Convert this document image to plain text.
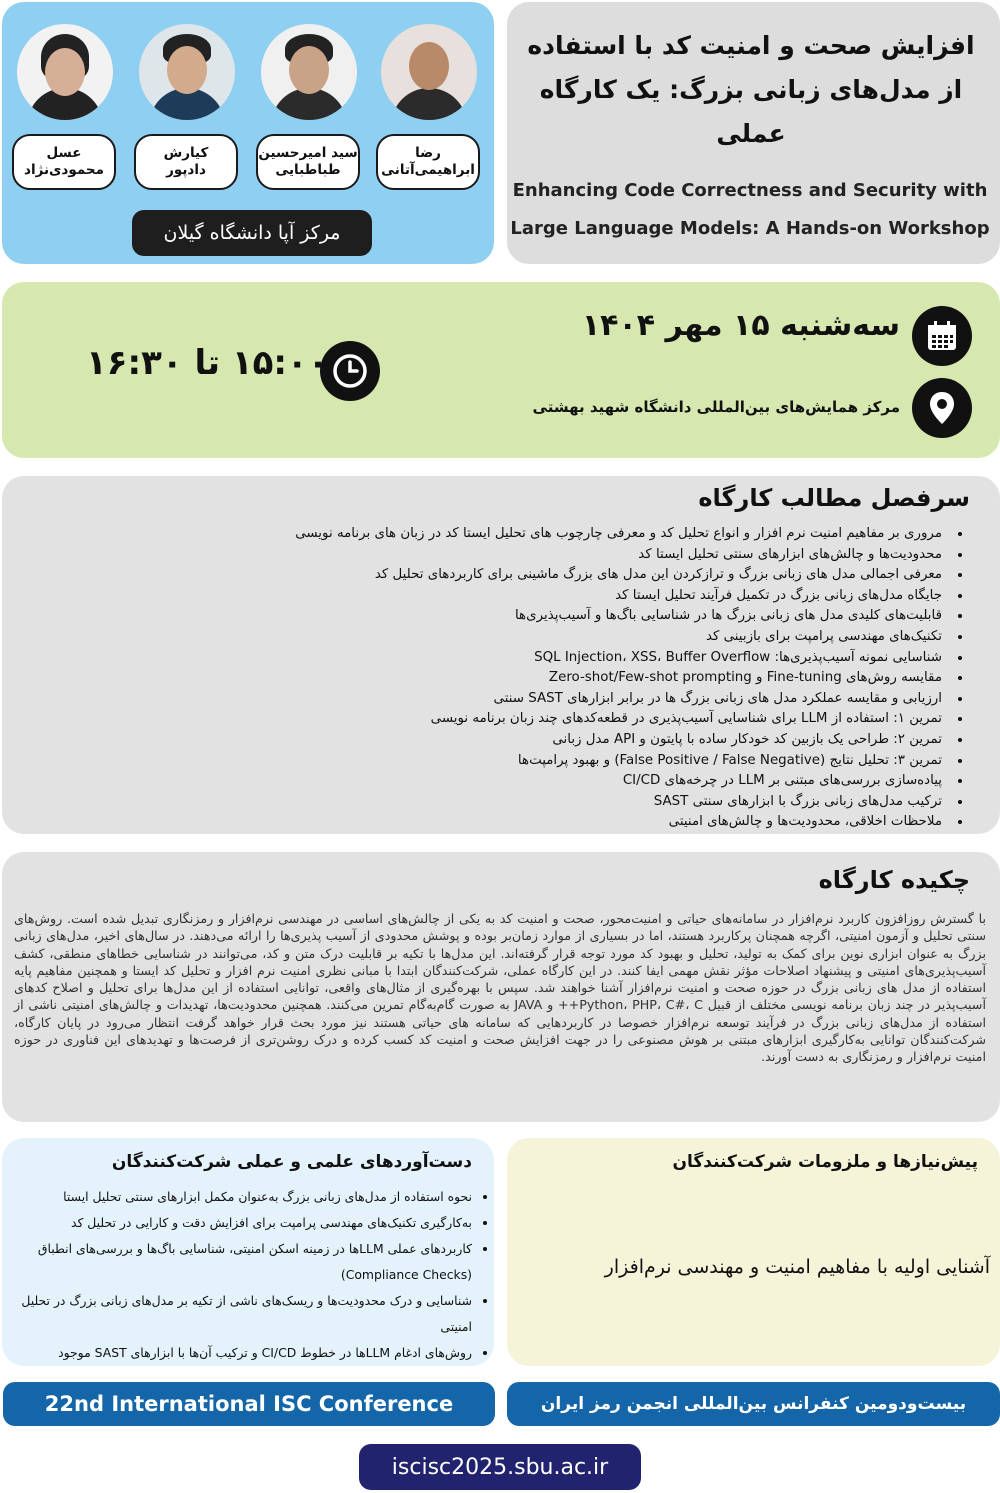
رضا
ابراهیمی‌آتانی
سید امیرحسین
طباطبایی
کیارش
دادپور
عسل
محمودی‌نژاد
مرکز آپا دانشگاه گیلان
افزایش صحت و امنیت کد با استفاده از مدل‌های زبانی بزرگ: یک کارگاه عملی
Enhancing Code Correctness and Security with Large Language Models: A Hands-on Workshop
سه‌شنبه ۱۵ مهر ۱۴۰۴
مرکز همایش‌های بین‌المللی دانشگاه شهید بهشتی
۱۵:۰۰ تا ۱۶:۳۰
سرفصل مطالب کارگاه
• مروری بر مفاهیم امنیت نرم افزار و انواع تحلیل کد و معرفی چارچوب های تحلیل ایستا کد در زبان های برنامه نویسی
• محدودیت‌ها و چالش‌های ابزارهای سنتی تحلیل ایستا کد
• معرفی اجمالی مدل های زبانی بزرگ و ترازکردن این مدل های بزرگ ماشینی برای کاربردهای تحلیل کد
• جایگاه مدل‌های زبانی بزرگ در تکمیل فرآیند تحلیل ایستا کد
• قابلیت‌های کلیدی مدل های زبانی بزرگ ها در شناسایی باگ‌ها و آسیب‌پذیری‌ها
• تکنیک‌های مهندسی پرامپت برای بازبینی کد
• شناسایی نمونه آسیب‌پذیری‌ها: SQL Injection، XSS، Buffer Overflow
• مقایسه روش‌های Fine-tuning و Zero-shot/Few-shot prompting
• ارزیابی و مقایسه عملکرد مدل های زبانی بزرگ ها در برابر ابزارهای SAST سنتی
• تمرین ۱: استفاده از LLM برای شناسایی آسیب‌پذیری در قطعه‌کدهای چند زبان برنامه نویسی
• تمرین ۲: طراحی یک بازبین کد خودکار ساده با پایتون و API مدل زبانی
• تمرین ۳: تحلیل نتایج (False Positive / False Negative) و بهبود پرامپت‌ها
• پیاده‌سازی بررسی‌های مبتنی بر LLM در چرخه‌های CI/CD
• ترکیب مدل‌های زبانی بزرگ با ابزارهای سنتی SAST
• ملاحظات اخلاقی، محدودیت‌ها و چالش‌های امنیتی
چکیده کارگاه
با گسترش روزافزون کاربرد نرم‌افزار در سامانه‌های حیاتی و امنیت‌محور، صحت و امنیت کد به یکی از چالش‌های اساسی در مهندسی نرم‌افزار و رمزنگاری تبدیل شده است. روش‌های سنتی تحلیل و آزمون امنیتی، اگرچه همچنان پرکاربرد هستند، اما در بسیاری از موارد زمان‌بر بوده و پوشش محدودی از آسیب پذیری‌ها را ارائه می‌دهند. در سال‌های اخیر، مدل‌های زبانی بزرگ به عنوان ابزاری نوین برای کمک به تولید، تحلیل و بهبود کد مورد توجه قرار گرفته‌اند. این مدل‌ها با تکیه بر قابلیت درک متن و کد، می‌توانند در شناسایی خطاهای منطقی، کشف آسیب‌پذیری‌های امنیتی و پیشنهاد اصلاحات مؤثر نقش مهمی ایفا کنند. در این کارگاه عملی، شرکت‌کنندگان ابتدا با مبانی نظری امنیت نرم افزار و تحلیل کد ایستا و همچنین مفاهیم پایه استفاده از مدل های زبانی بزرگ در حوزه صحت و امنیت نرم‌افزار آشنا خواهند شد. سپس با بهره‌گیری از مثال‌های واقعی، توانایی استفاده از این مدل‌ها برای تحلیل و اصلاح کدهای آسیب‌پذیر در چند زبان برنامه نویسی مختلف از قبیل Python، PHP، C#، C++ و JAVA به صورت گام‌به‌گام تمرین می‌کنند. همچنین محدودیت‌ها، تهدیدات و چالش‌های امنیتی ناشی از استفاده از مدل‌های زبانی بزرگ در فرآیند توسعه نرم‌افزار خصوصا در کاربردهایی که سامانه های حیاتی هستند نیز مورد بحث قرار خواهد گرفت انتظار می‌رود در پایان کارگاه، شرکت‌کنندگان توانایی به‌کارگیری ابزارهای مبتنی بر هوش مصنوعی را در جهت افزایش صحت و امنیت کد کسب کرده و درک روشن‌تری از فرصت‌ها و تهدیدهای این فناوری در حوزه امنیت نرم‌افزار و رمزنگاری به دست آورند.
دست‌آوردهای علمی و عملی شرکت‌کنندگان
• نحوه استفاده از مدل‌های زبانی بزرگ به‌عنوان مکمل ابزارهای سنتی تحلیل ایستا
• به‌کارگیری تکنیک‌های مهندسی پرامپت برای افزایش دقت و کارایی در تحلیل کد
• کاربردهای عملی LLMها در زمینه اسکن امنیتی، شناسایی باگ‌ها و بررسی‌های انطباق (Compliance Checks)
• شناسایی و درک محدودیت‌ها و ریسک‌های ناشی از تکیه بر مدل‌های زبانی بزرگ در تحلیل امنیتی
• روش‌های ادغام LLMها در خطوط CI/CD و ترکیب آن‌ها با ابزارهای SAST موجود
پیش‌نیازها و ملزومات شرکت‌کنندگان
آشنایی اولیه با مفاهیم امنیت و مهندسی نرم‌افزار
22nd International ISC Conference	بیست‌ودومین کنفرانس بین‌المللی انجمن رمز ایران
iscisc2025.sbu.ac.ir
